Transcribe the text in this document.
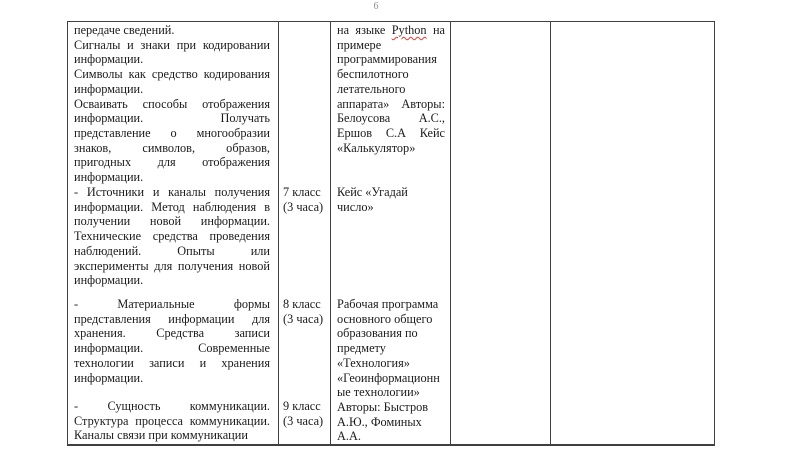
6

передаче сведений.

Сигналы и знаки при кодировании информации.

Символы как средство кодирования информации.

Осваивать способы отображения информации. Получать представление о многообразии знаков, символов, образов, пригодных для отображения информации.

- Источники и каналы получения информации. Метод наблюдения в получении новой информации. Технические средства проведения наблюдений. Опыты или эксперименты для получения новой информации.

- Материальные формы представления информации для хранения. Средства записи информации. Современные технологии записи и хранения информации.

- Сущность коммуникации. Структура процесса коммуникации. Каналы связи при коммуникации

7 класс (3 часа)

8 класс (3 часа)

9 класс (3 часа)

на языке Python на примере программирования беспилотного летательного аппарата» Авторы: Белоусова А.С., Ершов С.А Кейс «Калькулятор»

Кейс «Угадай число»

Рабочая программа основного общего образования по предмету «Технология» «Геоинформационные технологии» Авторы: Быстров А.Ю., Фоминых А.А.
